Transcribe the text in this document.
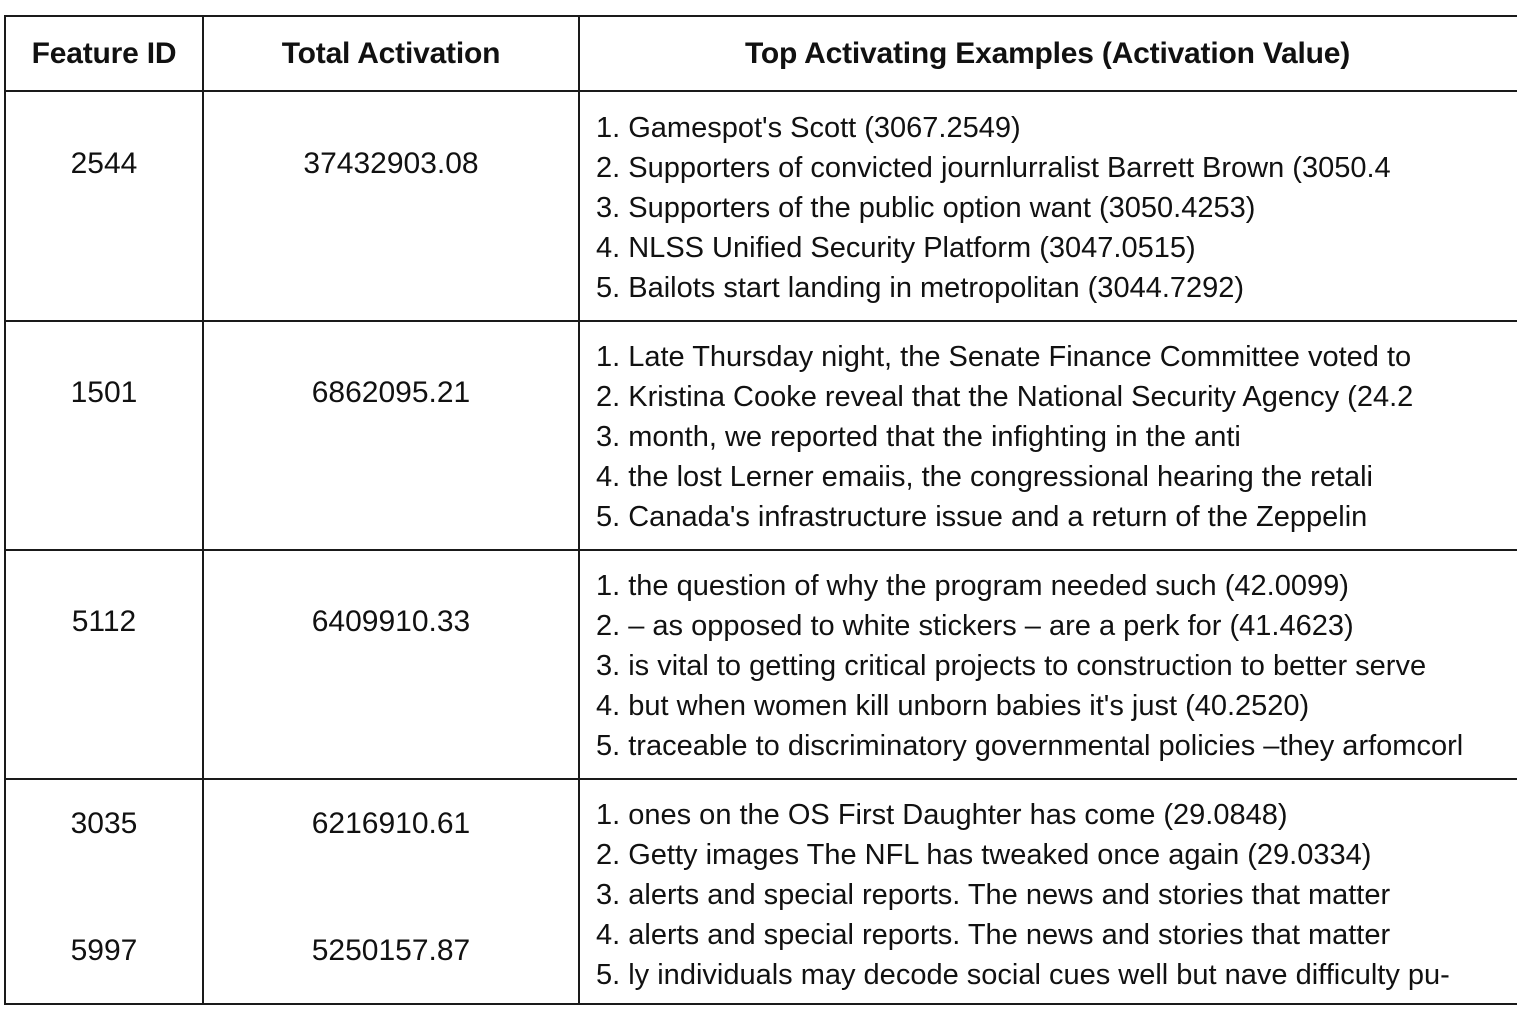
Feature ID	Total Activation	Top Activating Examples (Activation Value)
2544	37432903.08
1. Gamespot's Scott (3067.2549)
2. Supporters of convicted journlurralist Barrett Brown (3050.4
3. Supporters of the public option want (3050.4253)
4. NLSS Unified Security Platform (3047.0515)
5. Bailots start landing in metropolitan (3044.7292)
1501	6862095.21
1. Late Thursday night, the Senate Finance Committee voted to
2. Kristina Cooke reveal that the National Security Agency (24.2
3. month, we reported that the infighting in the anti
4. the lost Lerner emaiis, the congressional hearing the retali
5. Canada's infrastructure issue and a return of the Zeppelin
5112	6409910.33
1. the question of why the program needed such (42.0099)
2. – as opposed to white stickers – are a perk for (41.4623)
3. is vital to getting critical projects to construction to better serve
4. but when women kill unborn babies it's just (40.2520)
5. traceable to discriminatory governmental policies –they arfomcorl
3035	6216910.61
5997	5250157.87
1. ones on the OS First Daughter has come (29.0848)
2. Getty images The NFL has tweaked once again (29.0334)
3. alerts and special reports. The news and stories that matter
4. alerts and special reports. The news and stories that matter
5. ly individuals may decode social cues well but nave difficulty pu-
